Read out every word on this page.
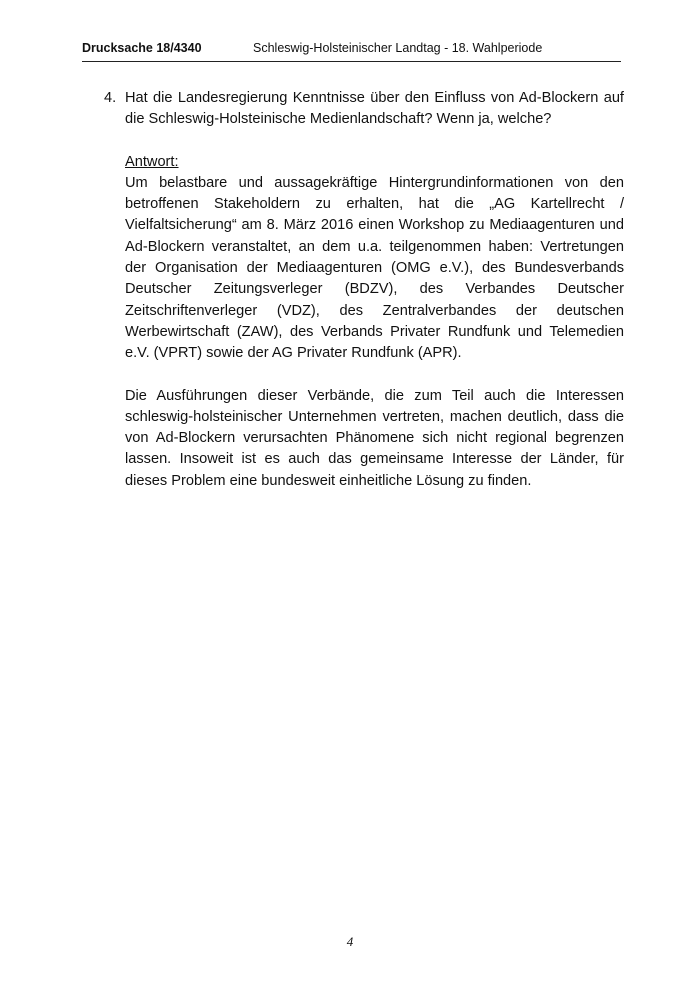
Drucksache 18/4340	Schleswig-Holsteinischer Landtag - 18. Wahlperiode
4. Hat die Landesregierung Kenntnisse über den Einfluss von Ad-Blockern auf die Schleswig-Holsteinische Medienlandschaft? Wenn ja, welche?

Antwort:

Um belastbare und aussagekräftige Hintergrundinformationen von den betroffenen Stakeholdern zu erhalten, hat die „AG Kartellrecht / Vielfaltsicherung“ am 8. März 2016 einen Workshop zu Mediaagenturen und Ad-Blockern veranstaltet, an dem u.a. teilgenommen haben: Vertretungen der Organisation der Mediaagenturen (OMG e.V.), des Bundesverbands Deutscher Zeitungsverleger (BDZV), des Verbandes Deutscher Zeitschriftenverleger (VDZ), des Zentralverbandes der deutschen Werbewirtschaft (ZAW), des Verbands Privater Rundfunk und Telemedien e.V. (VPRT) sowie der AG Privater Rundfunk (APR).

Die Ausführungen dieser Verbände, die zum Teil auch die Interessen schleswig-holsteinischer Unternehmen vertreten, machen deutlich, dass die von Ad-Blockern verursachten Phänomene sich nicht regional begrenzen lassen. Insoweit ist es auch das gemeinsame Interesse der Länder, für dieses Problem eine bundesweit einheitliche Lösung zu finden.

4
